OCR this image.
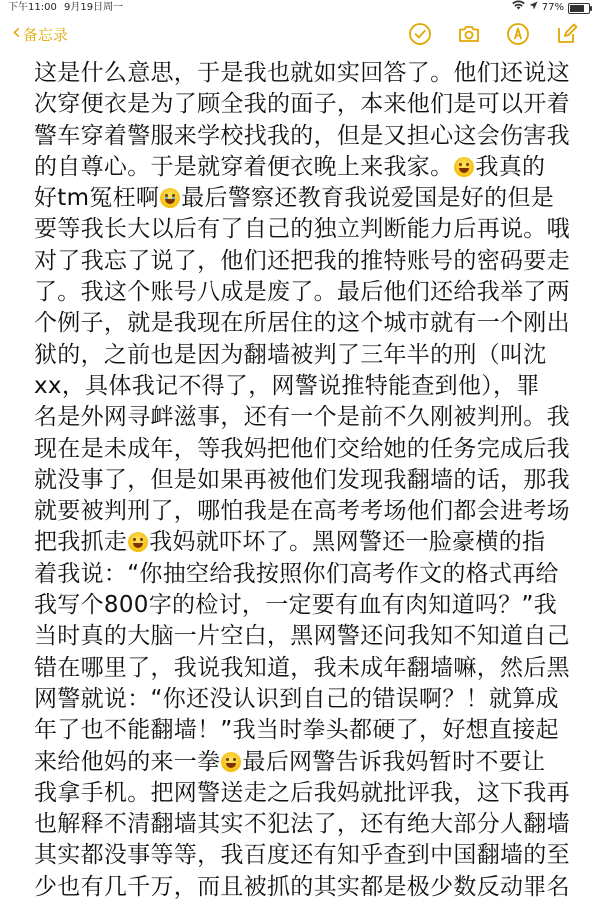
下午11:00 9月19日周一	77%
‹ 备忘录
这是什么意思，于是我也就如实回答了。他们还说这
次穿便衣是为了顾全我的面子，本来他们是可以开着
警车穿着警服来学校找我的，但是又担心这会伤害我
的自尊心。于是就穿着便衣晚上来我家。 我真的
好tm冤枉啊 最后警察还教育我说爱国是好的但是
要等我长大以后有了自己的独立判断能力后再说。哦
对了我忘了说了，他们还把我的推特账号的密码要走
了。我这个账号八成是废了。最后他们还给我举了两
个例子，就是我现在所居住的这个城市就有一个刚出
狱的，之前也是因为翻墙被判了三年半的刑（叫沈
xx，具体我记不得了，网警说推特能查到他），罪
名是外网寻衅滋事，还有一个是前不久刚被判刑。我
现在是未成年，等我妈把他们交给她的任务完成后我
就没事了，但是如果再被他们发现我翻墙的话，那我
就要被判刑了，哪怕我是在高考考场他们都会进考场
把我抓走 我妈就吓坏了。黑网警还一脸豪横的指
着我说：“你抽空给我按照你们高考作文的格式再给
我写个800字的检讨，一定要有血有肉知道吗？”我
当时真的大脑一片空白，黑网警还问我知不知道自己
错在哪里了，我说我知道，我未成年翻墙嘛，然后黑
网警就说：“你还没认识到自己的错误啊？！就算成
年了也不能翻墙！”我当时拳头都硬了，好想直接起
来给他妈的来一拳 最后网警告诉我妈暂时不要让
我拿手机。把网警送走之后我妈就批评我，这下我再
也解释不清翻墙其实不犯法了，还有绝大部分人翻墙
其实都没事等等，我百度还有知乎查到中国翻墙的至
少也有几千万，而且被抓的其实都是极少数反动罪名
